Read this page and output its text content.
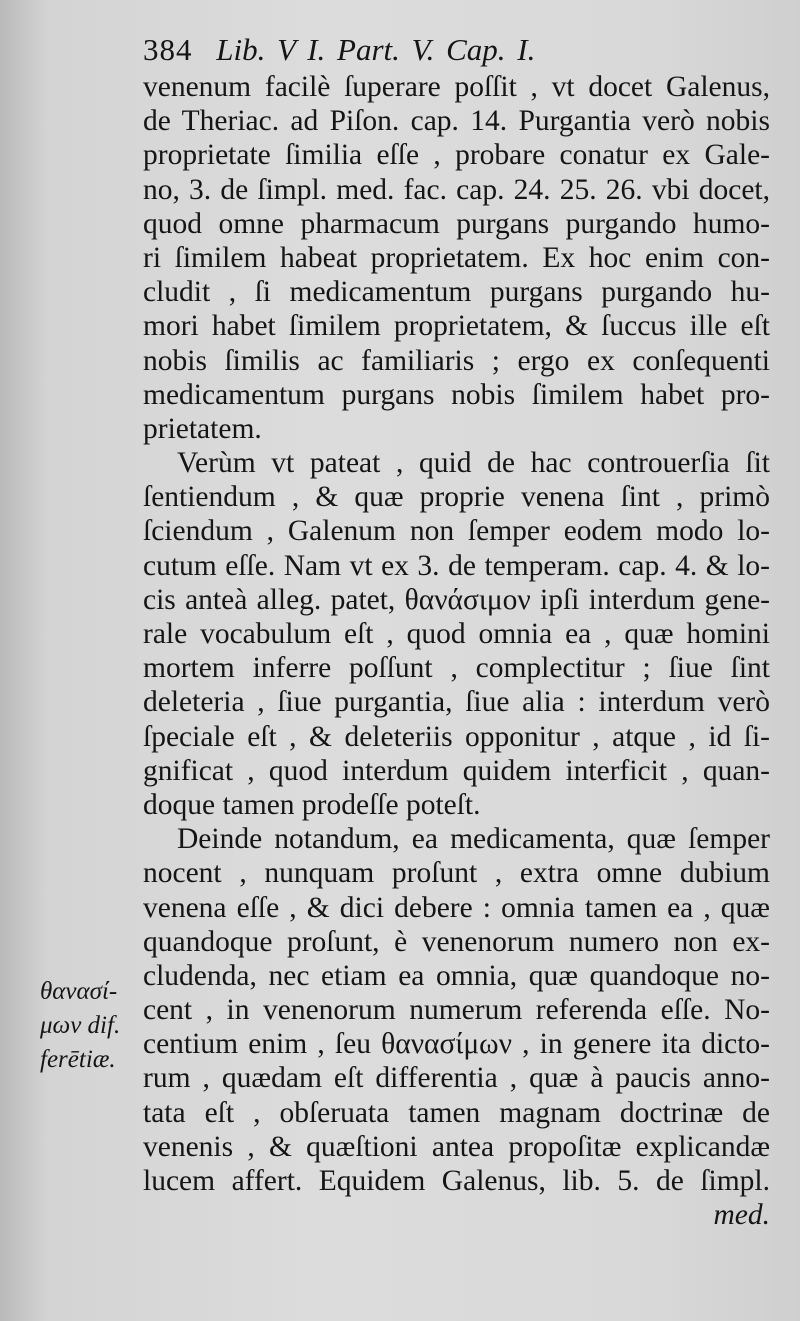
384 Lib. V I. Part. V. Cap. I.
venenum facilè ſuperare poſſit , vt docet Galenus,
de Theriac. ad Piſon. cap. 14. Purgantia verò nobis
proprietate ſimilia eſſe , probare conatur ex Gale-
no, 3. de ſimpl. med. fac. cap. 24. 25. 26. vbi docet,
quod omne pharmacum purgans purgando humo-
ri ſimilem habeat proprietatem. Ex hoc enim con-
cludit , ſi medicamentum purgans purgando hu-
mori habet ſimilem proprietatem, & ſuccus ille eſt
nobis ſimilis ac familiaris ; ergo ex conſequenti
medicamentum purgans nobis ſimilem habet pro-
prietatem.
Verùm vt pateat , quid de hac controuerſia ſit
ſentiendum , & quæ proprie venena ſint , primò
ſciendum , Galenum non ſemper eodem modo lo-
cutum eſſe. Nam vt ex 3. de temperam. cap. 4. & lo-
cis anteà alleg. patet, θανάσιμον ipſi interdum gene-
rale vocabulum eſt , quod omnia ea , quæ homini
mortem inferre poſſunt , complectitur ; ſiue ſint
deleteria , ſiue purgantia, ſiue alia : interdum verò
ſpeciale eſt , & deleteriis opponitur , atque , id ſi-
gnificat , quod interdum quidem interficit , quan-
doque tamen prodeſſe poteſt.
Deinde notandum, ea medicamenta, quæ ſemper
nocent , nunquam proſunt , extra omne dubium
venena eſſe , & dici debere : omnia tamen ea , quæ
quandoque proſunt, è venenorum numero non ex-
cludenda, nec etiam ea omnia, quæ quandoque no-
cent , in venenorum numerum referenda eſſe. No-
centium enim , ſeu θανασίμων , in genere ita dicto-
rum , quædam eſt differentia , quæ à paucis anno-
tata eſt , obſeruata tamen magnam doctrinæ de
venenis , & quæſtioni antea propoſitæ explicandæ
lucem affert. Equidem Galenus, lib. 5. de ſimpl.
med.
θανασί-
μων dif.
ferētiæ.
